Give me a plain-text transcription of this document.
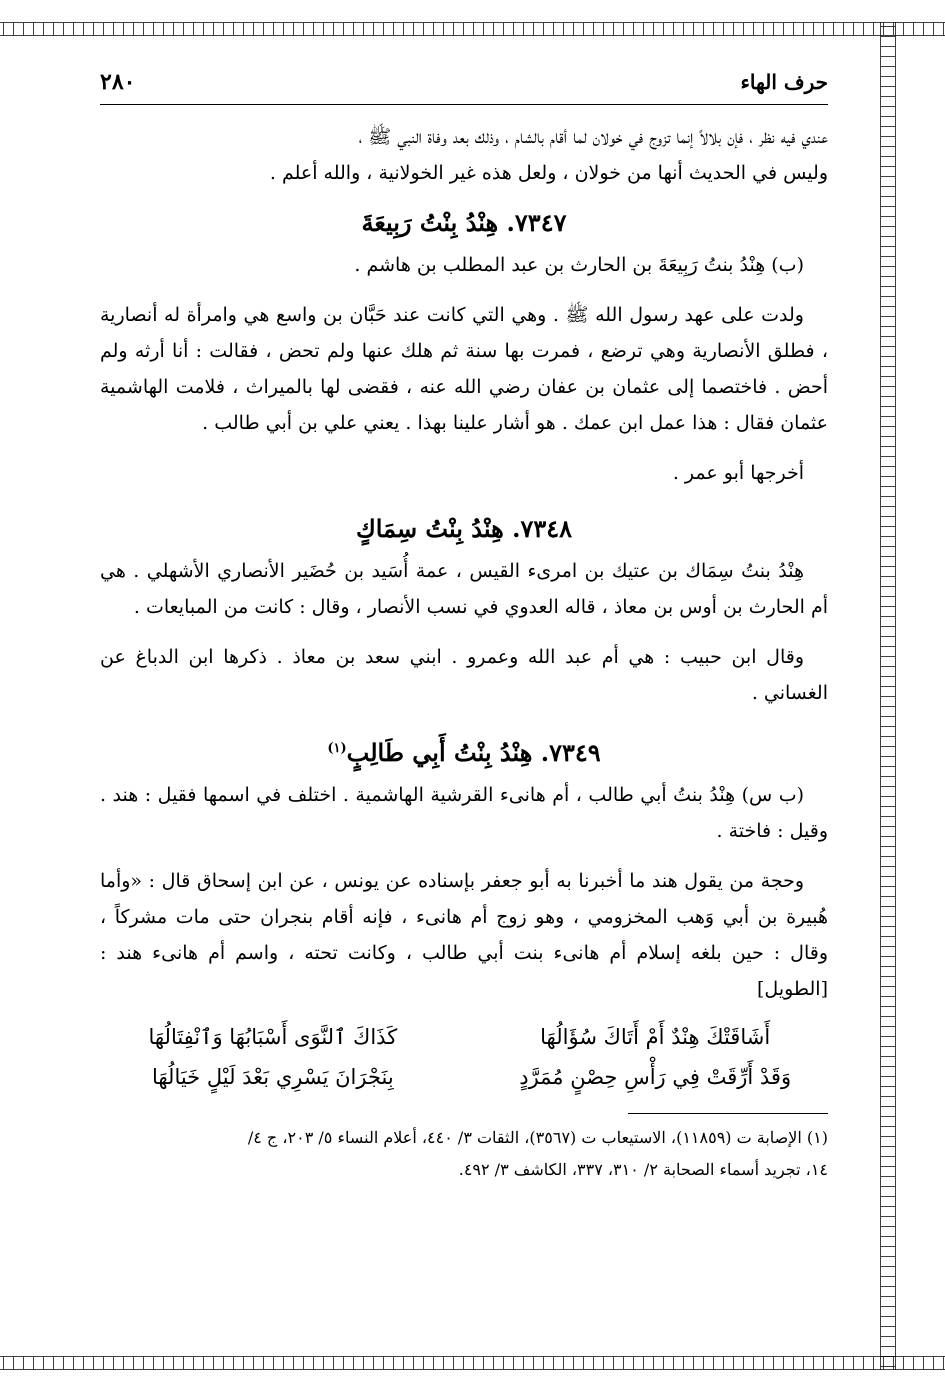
حرف الهاء
٢٨٠

عندي فيه نظر ، فإن بلالاً إنما تزوج في خولان لما أقام بالشام ، وذلك بعد وفاة النبي ﷺ ،

وليس في الحديث أنها من خولان ، ولعل هذه غير الخولانية ، والله أعلم .

٧٣٤٧. هِنْدُ بِنْتُ رَبِيعَةَ

(ب) هِنْدُ بنتُ رَبِيعَةَ بن الحارث بن عبد المطلب بن هاشم .

ولدت على عهد رسول الله ﷺ . وهي التي كانت عند حَبَّان بن واسع هي وامرأة له أنصارية ، فطلق الأنصارية وهي ترضع ، فمرت بها سنة ثم هلك عنها ولم تحض ، فقالت : أنا أرثه ولم أحض . فاختصما إلى عثمان بن عفان رضي الله عنه ، فقضى لها بالميراث ، فلامت الهاشمية عثمان فقال : هذا عمل ابن عمك . هو أشار علينا بهذا . يعني علي بن أبي طالب .

أخرجها أبو عمر .

٧٣٤٨. هِنْدُ بِنْتُ سِمَاكٍ

هِنْدُ بنتُ سِمَاك بن عتيك بن امرىء القيس ، عمة أُسَيد بن حُضَير الأنصاري الأشهلي . هي أم الحارث بن أوس بن معاذ ، قاله العدوي في نسب الأنصار ، وقال : كانت من المبايعات .

وقال ابن حبيب : هي أم عبد الله وعمرو . ابني سعد بن معاذ . ذكرها ابن الدباغ عن الغساني .

٧٣٤٩. هِنْدُ بِنْتُ أَبِي طَالِبٍ$^{(١)}$

(ب س) هِنْدُ بنتُ أبي طالب ، أم هانىء القرشية الهاشمية . اختلف في اسمها فقيل : هند . وقيل : فاختة .

وحجة من يقول هند ما أخبرنا به أبو جعفر بإسناده عن يونس ، عن ابن إسحاق قال : «وأما هُبيرة بن أبي وَهب المخزومي ، وهو زوج أم هانىء ، فإنه أقام بنجران حتى مات مشركاً ، وقال : حين بلغه إسلام أم هانىء بنت أبي طالب ، وكانت تحته ، واسم أم هانىء هند : [الطويل]

أَشَاقَتْكَ هِنْدٌ أَمْ أَتَاكَ سُؤَالُهَا
كَذَاكَ ٱلنَّوَى أَسْبَابُهَا وَٱنْفِتَالُهَا
وَقَدْ أَرِّقَتْ فِي رَأْسِ حِصْنٍ مُمَرَّدٍ
بِنَجْرَانَ يَسْرِي بَعْدَ لَيْلٍ خَيَالُهَا

(١) الإصابة ت (١١٨٥٩)، الاستيعاب ت (٣٥٦٧)، الثقات ٣/ ٤٤٠، أعلام النساء ٥/ ٢٠٣، ج ٤/

١٤، تجريد أسماء الصحابة ٢/ ٣١٠، ٣٣٧، الكاشف ٣/ ٤٩٢.
